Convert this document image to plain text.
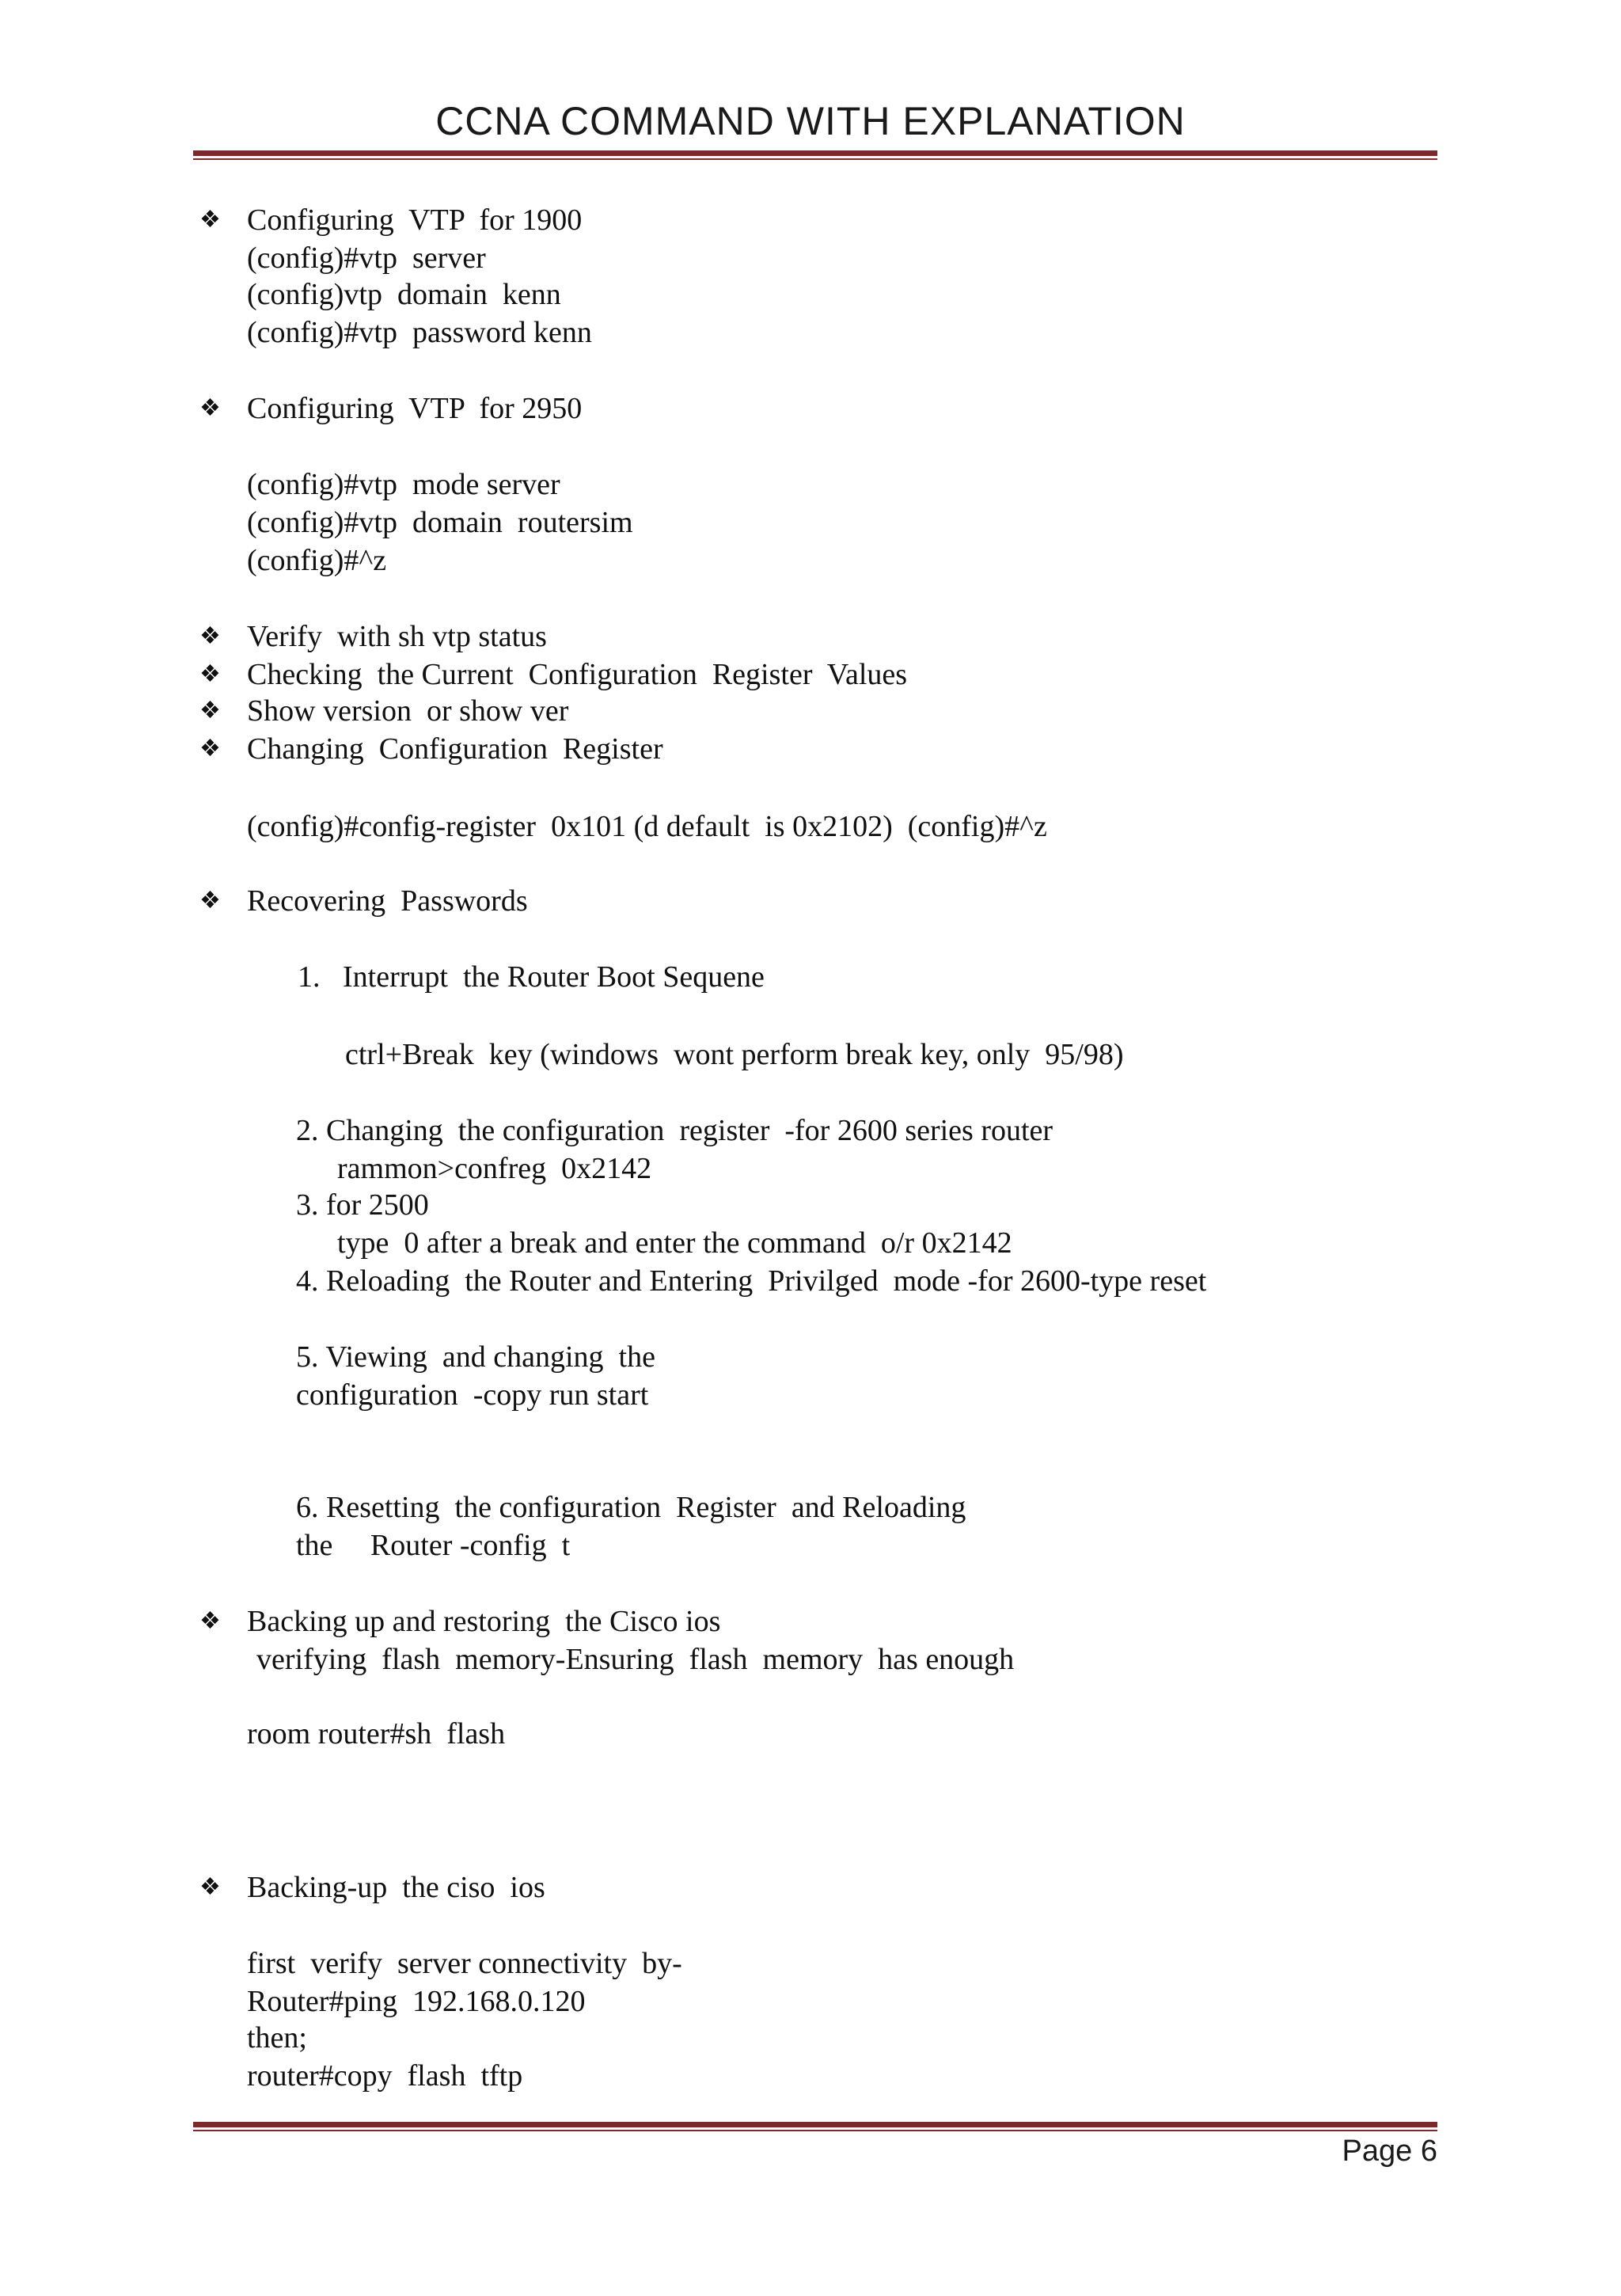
CCNA COMMAND WITH EXPLANATION
❖ Configuring  VTP  for 1900
(config)#vtp  server
(config)vtp  domain  kenn
(config)#vtp  password kenn
❖ Configuring  VTP  for 2950
(config)#vtp  mode server
(config)#vtp  domain  routersim
(config)#^z
❖ Verify  with sh vtp status
❖ Checking  the Current  Configuration  Register  Values
❖ Show version  or show ver
❖ Changing  Configuration  Register
(config)#config-register  0x101 (d default  is 0x2102)  (config)#^z
❖ Recovering  Passwords
1.   Interrupt  the Router Boot Sequene
ctrl+Break  key (windows  wont perform break key, only  95/98)
2. Changing  the configuration  register  -for 2600 series router
rammon>confreg  0x2142
3. for 2500
type  0 after a break and enter the command  o/r 0x2142
4. Reloading  the Router and Entering  Privilged  mode -for 2600-type reset
5. Viewing  and changing  the
configuration  -copy run start
6. Resetting  the configuration  Register  and Reloading
the     Router -config  t
❖ Backing up and restoring  the Cisco ios
verifying  flash  memory-Ensuring  flash  memory  has enough
room router#sh  flash
❖ Backing-up  the ciso  ios
first  verify  server connectivity  by-
Router#ping  192.168.0.120
then;
router#copy  flash  tftp
Page 6
